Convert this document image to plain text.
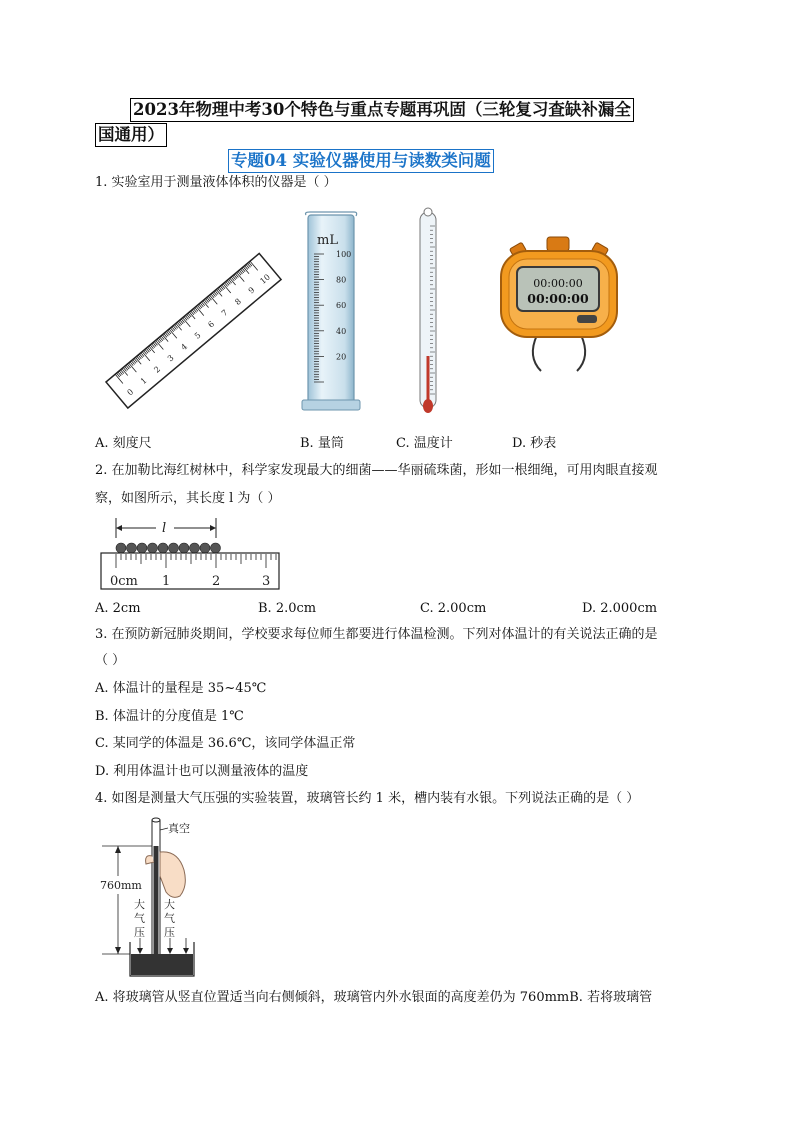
2023年物理中考30个特色与重点专题再巩固（三轮复习查缺补漏全
国通用）
专题04 实验仪器使用与读数类问题
1. 实验室用于测量液体体积的仪器是（ ）
0
1
2
3
4
5
6
7
8
9
10
mL
100
80
60
40
20
00:00:00
00:00:00
A. 刻度尺	B. 量筒	C. 温度计	D. 秒表
2. 在加勒比海红树林中，科学家发现最大的细菌——华丽硫珠菌，形如一根细绳，可用肉眼直接观
察，如图所示，其长度 l 为（ ）
l
0cm 1	2	3
A. 2cm	B. 2.0cm	C. 2.00cm	D. 2.000cm
3. 在预防新冠肺炎期间，学校要求每位师生都要进行体温检测。下列对体温计的有关说法正确的是
（ ）
A. 体温计的量程是 35~45℃
B. 体温计的分度值是 1℃
C. 某同学的体温是 36.6℃，该同学体温正常
D. 利用体温计也可以测量液体的温度
4. 如图是测量大气压强的实验装置，玻璃管长约 1 米，槽内装有水银。下列说法正确的是（ ）
真空
760mm
大
气
压
大
气
压
A. 将玻璃管从竖直位置适当向右侧倾斜，玻璃管内外水银面的高度差仍为 760mmB. 若将玻璃管
